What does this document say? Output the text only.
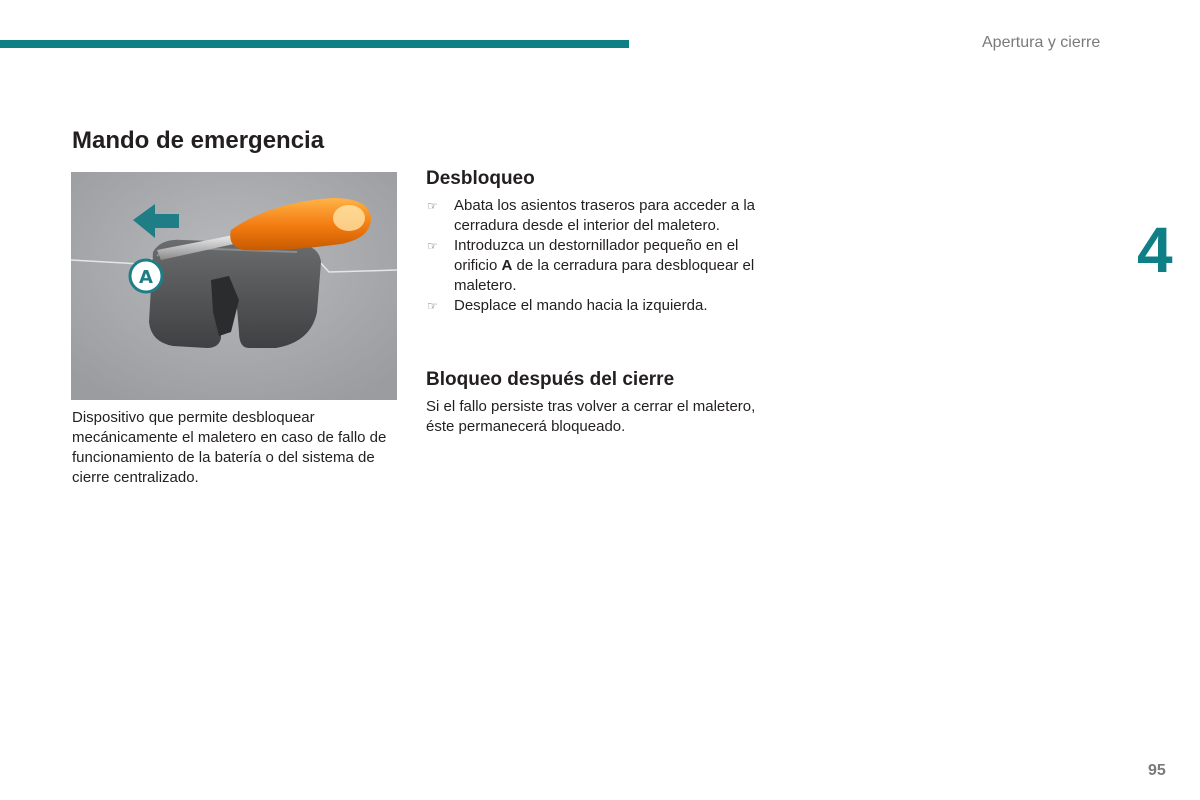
Apertura y cierre
4
Mando de emergencia
A

Dispositivo que permite desbloquear mecánicamente el maletero en caso de fallo de funcionamiento de la batería o del sistema de cierre centralizado.

Desbloqueo
☞ Abata los asientos traseros para acceder a la cerradura desde el interior del maletero.
☞ Introduzca un destornillador pequeño en el orificio A de la cerradura para desbloquear el maletero.
☞ Desplace el mando hacia la izquierda.
Bloqueo después del cierre

Si el fallo persiste tras volver a cerrar el maletero, éste permanecerá bloqueado.

95
